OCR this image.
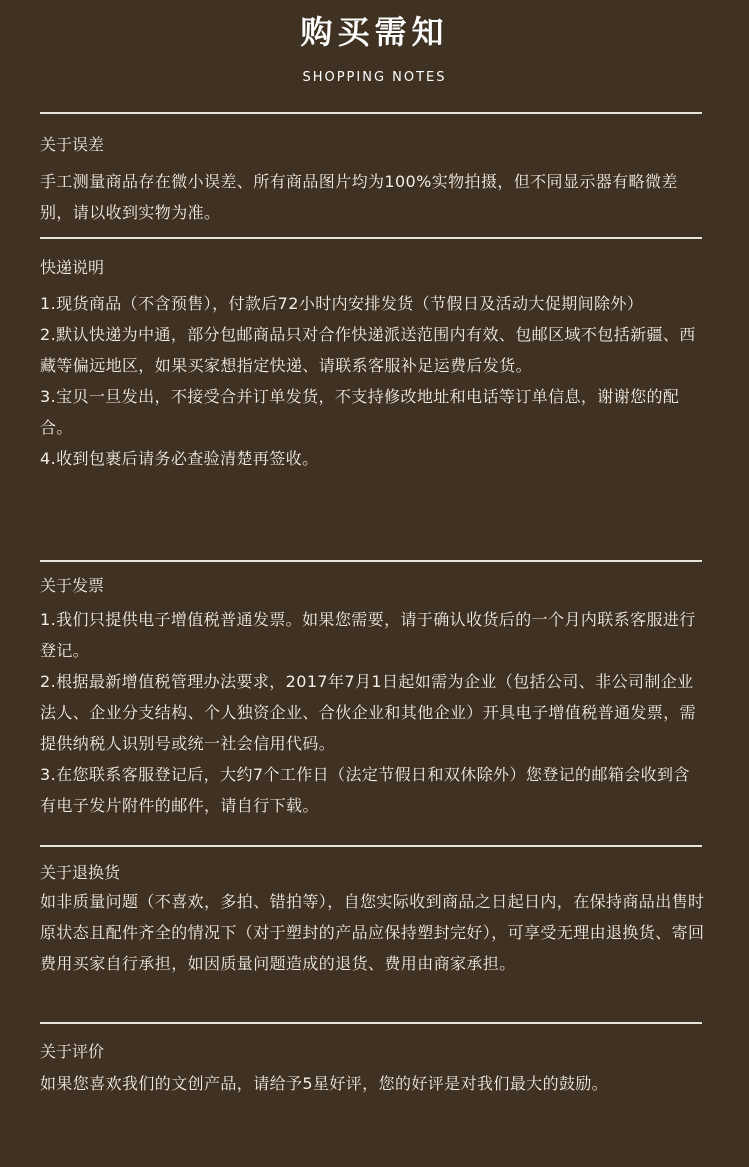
购买需知
SHOPPING NOTES

关于误差

手工测量商品存在微小误差、所有商品图片均为100%实物拍摄，但不同显示器有略微差别，请以收到实物为准。

快递说明

1.现货商品（不含预售），付款后72小时内安排发货（节假日及活动大促期间除外）

2.默认快递为中通，部分包邮商品只对合作快递派送范围内有效、包邮区域不包括新疆、西藏等偏远地区，如果买家想指定快递、请联系客服补足运费后发货。

3.宝贝一旦发出，不接受合并订单发货，不支持修改地址和电话等订单信息，谢谢您的配合。

4.收到包裹后请务必查验清楚再签收。

关于发票

1.我们只提供电子增值税普通发票。如果您需要，请于确认收货后的一个月内联系客服进行登记。

2.根据最新增值税管理办法要求，2017年7月1日起如需为企业（包括公司、非公司制企业法人、企业分支结构、个人独资企业、合伙企业和其他企业）开具电子增值税普通发票，需提供纳税人识别号或统一社会信用代码。

3.在您联系客服登记后，大约7个工作日（法定节假日和双休除外）您登记的邮箱会收到含有电子发片附件的邮件，请自行下载。

关于退换货

如非质量问题（不喜欢，多拍、错拍等），自您实际收到商品之日起日内，在保持商品出售时原状态且配件齐全的情况下（对于塑封的产品应保持塑封完好），可享受无理由退换货、寄回费用买家自行承担，如因质量问题造成的退货、费用由商家承担。

关于评价

如果您喜欢我们的文创产品，请给予5星好评，您的好评是对我们最大的鼓励。
